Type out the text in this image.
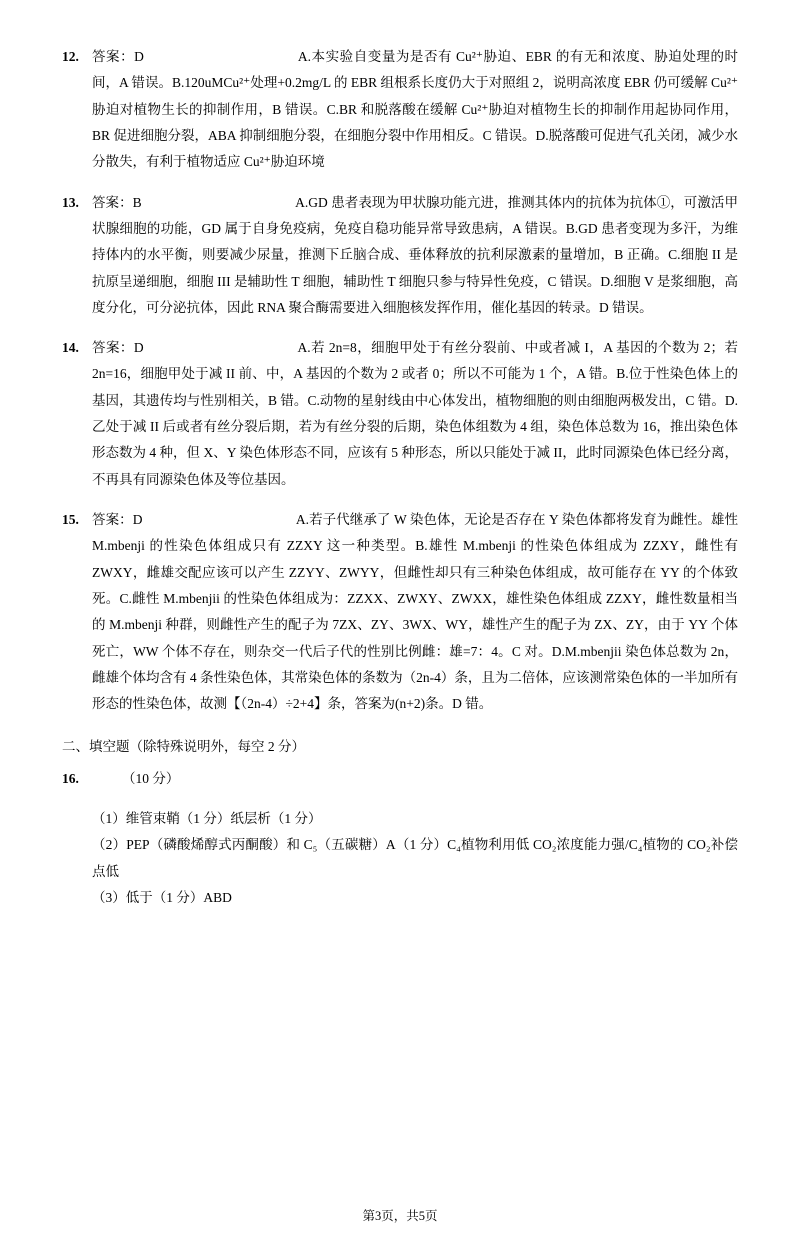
12. 答案：D	A.本实验自变量为是否有 Cu²⁺胁迫、EBR 的有无和浓度、胁迫处理的时间，A 错误。B.120uMCu²⁺处理+0.2mg/L 的 EBR 组根系长度仍大于对照组 2，说明高浓度 EBR 仍可缓解 Cu²⁺胁迫对植物生长的抑制作用，B 错误。C.BR 和脱落酸在缓解 Cu²⁺胁迫对植物生长的抑制作用起协同作用，BR 促进细胞分裂，ABA 抑制细胞分裂，在细胞分裂中作用相反。C 错误。D.脱落酸可促进气孔关闭，减少水分散失，有利于植物适应 Cu²⁺胁迫环境
13. 答案：B	A.GD 患者表现为甲状腺功能亢进，推测其体内的抗体为抗体①，可激活甲状腺细胞的功能，GD 属于自身免疫病，免疫自稳功能异常导致患病，A 错误。B.GD 患者变现为多汗，为维持体内的水平衡，则要减少尿量，推测下丘脑合成、垂体释放的抗利尿激素的量增加，B 正确。C.细胞 II 是抗原呈递细胞，细胞 III 是辅助性 T 细胞，辅助性 T 细胞只参与特异性免疫，C 错误。D.细胞 V 是浆细胞，高度分化，可分泌抗体，因此 RNA 聚合酶需要进入细胞核发挥作用，催化基因的转录。D 错误。
14. 答案：D	A.若 2n=8，细胞甲处于有丝分裂前、中或者减 I，A 基因的个数为 2；若 2n=16，细胞甲处于减 II 前、中，A 基因的个数为 2 或者 0；所以不可能为 1 个，A 错。B.位于性染色体上的基因，其遗传均与性别相关，B 错。C.动物的星射线由中心体发出，植物细胞的则由细胞两极发出，C 错。D.乙处于减 II 后或者有丝分裂后期，若为有丝分裂的后期，染色体组数为 4 组，染色体总数为 16，推出染色体形态数为 4 种，但 X、Y 染色体形态不同，应该有 5 种形态，所以只能处于减 II，此时同源染色体已经分离，不再具有同源染色体及等位基因。
15. 答案：D	A.若子代继承了 W 染色体，无论是否存在 Y 染色体都将发育为雌性。雄性 M.mbenji 的性染色体组成只有 ZZXY 这一种类型。B.雄性 M.mbenji 的性染色体组成为 ZZXY，雌性有 ZWXY，雌雄交配应该可以产生 ZZYY、ZWYY，但雌性却只有三种染色体组成，故可能存在 YY 的个体致死。C.雌性 M.mbenjii 的性染色体组成为：ZZXX、ZWXY、ZWXX，雄性染色体组成 ZZXY，雌性数量相当的 M.mbenji 种群，则雌性产生的配子为 7ZX、ZY、3WX、WY，雄性产生的配子为 ZX、ZY，由于 YY 个体死亡，WW 个体不存在，则杂交一代后子代的性别比例雌：雄=7：4。C 对。D.M.mbenjii 染色体总数为 2n，雌雄个体均含有 4 条性染色体，其常染色体的条数为（2n-4）条，且为二倍体，应该测常染色体的一半加所有形态的性染色体，故测【（2n-4）÷2+4】条，答案为(n+2)条。D 错。
二、填空题（除特殊说明外，每空 2 分）
16.	（10 分）
（1）维管束鞘（1 分）纸层析（1 分）
（2）PEP（磷酸烯醇式丙酮酸）和 C₅（五碳糖）A（1 分）C₄植物利用低 CO₂浓度能力强/C₄植物的 CO₂补偿点低
（3）低于（1 分）ABD
第3页，共5页
